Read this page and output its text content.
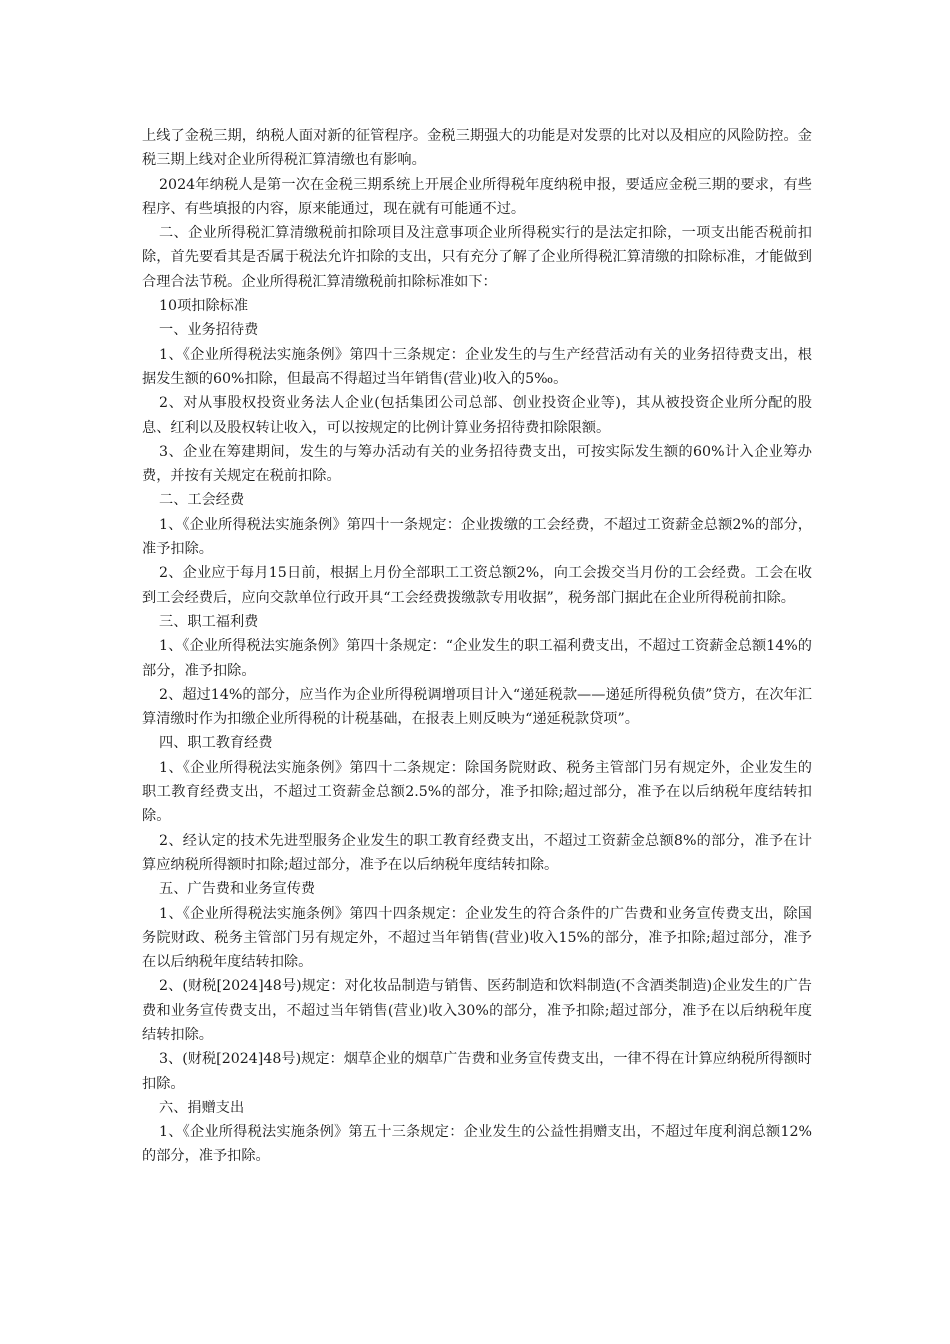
上线了金税三期，纳税人面对新的征管程序。金税三期强大的功能是对发票的比对以及相应的风险防控。金税三期上线对企业所得税汇算清缴也有影响。

2024年纳税人是第一次在金税三期系统上开展企业所得税年度纳税申报，要适应金税三期的要求，有些程序、有些填报的内容，原来能通过，现在就有可能通不过。

二、企业所得税汇算清缴税前扣除项目及注意事项企业所得税实行的是法定扣除，一项支出能否税前扣除，首先要看其是否属于税法允许扣除的支出，只有充分了解了企业所得税汇算清缴的扣除标准，才能做到合理合法节税。企业所得税汇算清缴税前扣除标准如下：

10项扣除标准

一、业务招待费

1、《企业所得税法实施条例》第四十三条规定：企业发生的与生产经营活动有关的业务招待费支出，根据发生额的60%扣除，但最高不得超过当年销售(营业)收入的5‰。

2、对从事股权投资业务法人企业(包括集团公司总部、创业投资企业等)，其从被投资企业所分配的股息、红利以及股权转让收入，可以按规定的比例计算业务招待费扣除限额。

3、企业在筹建期间，发生的与筹办活动有关的业务招待费支出，可按实际发生额的60%计入企业筹办费，并按有关规定在税前扣除。

二、工会经费

1、《企业所得税法实施条例》第四十一条规定：企业拨缴的工会经费，不超过工资薪金总额2%的部分，准予扣除。

2、企业应于每月15日前，根据上月份全部职工工资总额2%，向工会拨交当月份的工会经费。工会在收到工会经费后，应向交款单位行政开具“工会经费拨缴款专用收据”，税务部门据此在企业所得税前扣除。

三、职工福利费

1、《企业所得税法实施条例》第四十条规定：“企业发生的职工福利费支出，不超过工资薪金总额14%的部分，准予扣除。

2、超过14%的部分，应当作为企业所得税调增项目计入“递延税款——递延所得税负债”贷方，在次年汇算清缴时作为扣缴企业所得税的计税基础，在报表上则反映为“递延税款贷项”。

四、职工教育经费

1、《企业所得税法实施条例》第四十二条规定：除国务院财政、税务主管部门另有规定外，企业发生的职工教育经费支出，不超过工资薪金总额2.5%的部分，准予扣除;超过部分，准予在以后纳税年度结转扣除。

2、经认定的技术先进型服务企业发生的职工教育经费支出，不超过工资薪金总额8%的部分，准予在计算应纳税所得额时扣除;超过部分，准予在以后纳税年度结转扣除。

五、广告费和业务宣传费

1、《企业所得税法实施条例》第四十四条规定：企业发生的符合条件的广告费和业务宣传费支出，除国务院财政、税务主管部门另有规定外，不超过当年销售(营业)收入15%的部分，准予扣除;超过部分，准予在以后纳税年度结转扣除。

2、(财税[2024]48号)规定：对化妆品制造与销售、医药制造和饮料制造(不含酒类制造)企业发生的广告费和业务宣传费支出，不超过当年销售(营业)收入30%的部分，准予扣除;超过部分，准予在以后纳税年度结转扣除。

3、(财税[2024]48号)规定：烟草企业的烟草广告费和业务宣传费支出，一律不得在计算应纳税所得额时扣除。

六、捐赠支出

1、《企业所得税法实施条例》第五十三条规定：企业发生的公益性捐赠支出，不超过年度利润总额12%的部分，准予扣除。
